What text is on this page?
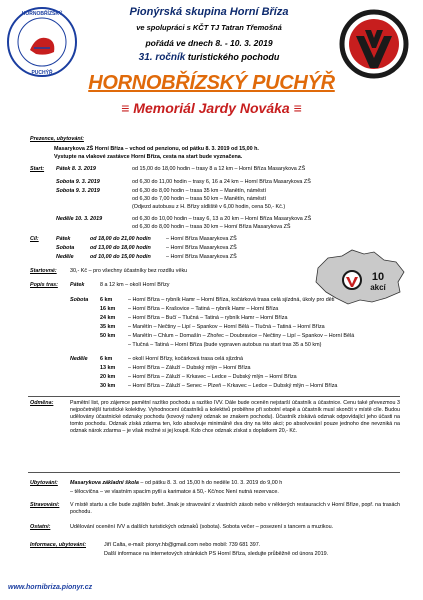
HORNOBŘÍZSKÝ
PUCHÝŘ
Pionýrská skupina Horní Bříza
ve spolupráci s KČT TJ Tatran Třemošná
pořádá ve dnech 8. - 10. 3. 2019
31. ročník turistického pochodu
HORNOBŘÍZSKÝ PUCHÝŘ
≡ Memoriál Jardy Nováka ≡
Prezence, ubytování:
Masarykova ZŠ Horní Bříza – vchod od penzionu, od pátku 8. 3. 2019 od 15,00 h.
Vystupte na vlakové zastávce Horní Bříza, cesta na start bude vyznačena.
Start: Pátek 8. 3. 2019	od 15,00 do 18,00 hodin – trasy 8 a 12 km – Horní Bříza Masarykova ZŠ
Sobota 9. 3. 2019	od 6,30 do 11,00 hodin – trasy 6, 16 a 24 km – Horní Bříza Masarykova ZŠ
Sobota 9. 3. 2019	od 6,30 do 8,00 hodin – trasa 35 km – Manětín, náměstí
od 6,30 do 7,00 hodin – trasa 50 km – Manětín, náměstí
(Odjezd autobusu z H. Břízy sídliště v 6,00 hodin, cena 50,- Kč.)
Neděle 10. 3. 2019	od 6,30 do 10,00 hodin – trasy 6, 13 a 20 km – Horní Bříza Masarykova ZŠ
od 6,30 do 8,00 hodin – trasa 30 km – Horní Bříza Masarykova ZŠ
Cíl:	Pátek	od 18,00 do 21,00 hodin	– Horní Bříza Masarykova ZŠ
Sobota	od 13,00 do 18,00 hodin	– Horní Bříza Masarykova ZŠ
Neděle	od 10,00 do 15,00 hodin	– Horní Bříza Masarykova ZŠ
Startovné: 30,- Kč – pro všechny účastníky bez rozdílu věku	10
akcí
Popis tras: Pátek	8 a 12 km – okolí Horní Břízy
Sobota 6 km	– Horní Bříza – rybník Hamr – Horní Bříza, kočárková trasa celá sjízdná, úkoly pro děti
16 km – Horní Bříza – Krašovice – Tatiná – rybník Hamr – Horní Bříza
24 km – Horní Bříza – Bučí – Tlučná – Tatiná – rybník Hamr – Horní Bříza
35 km – Manětín – Nečtiny – Lipí – Spankov – Horní Bělá – Tlučná – Tatiná – Horní Bříza
50 km – Manětín – Chlum – Domašín – Zhořec – Doubravice – Nečtiny – Lipí – Spankov – Horní Bělá
– Tlučná – Tatiná – Horní Bříza (bude vypraven autobus na start tras 35 a 50 km)
Neděle 6 km	– okolí Horní Břízy, kočárková trasa celá sjízdná
13 km – Horní Bříza – Záluží – Dubský mlýn – Horní Bříza
20 km – Horní Bříza – Záluží – Krkavec – Ledce – Dubský mlýn – Horní Bříza
30 km – Horní Bříza – Záluží – Senec – Plzeň – Krkavec – Ledce – Dubský mlýn – Horní Bříza
Odměna:	Pamětní list, pro zájemce pamětní razítko pochodu a razítko IVV. Dále bude oceněn nejstarší účastník a účastnice. Cenu také převezmou 3 nejpočetnější turistické kolektivy. Vyhodnocení účastníků a kolektivů proběhne při sobotní etapě a účastník musí skončit v místě cíle. Budou udělovány účastnické odznaky pochodu (kovový ražený odznak se znakem pochodu). Účastník získává odznak odpovídající jeho účasti na tomto pochodu. Odznak získá zdarma ten, kdo absolvuje minimálně dva dny na této akci; po absolvování pouze jednoho dne nevzniká na odznak nárok zdarma – je však možné si jej koupit. Kdo chce odznak získat s doplatkem 20,- Kč.
Ubytování: Masarykova základní škola – od pátku 8. 3. od 15,00 h do neděle 10. 3. 2019 do 9,00 h
– tělocvična – ve vlastním spacím pytli a karimatce á 50,- Kč/noc Není nutná rezervace.
Stravování: V místě startu a cíle bude zajištěn bufet. Jinak je stravování z vlastních zásob nebo v některých restauracích v Horní Bříze, popř. na trasách pochodu.
Ostatní:	Udělování ocenění IVV a dalších turistických odznaků (sobota). Sobota večer – posezení s tancem a muzikou.
Informace, ubytování:	Jiří Calta, e-mail: pionyr.hb@gmail.com nebo mobil: 739 681 397.
Další informace na internetových stránkách PS Horní Bříza, sledujte průběžně od února 2019.
www.hornibriza.pionyr.cz
